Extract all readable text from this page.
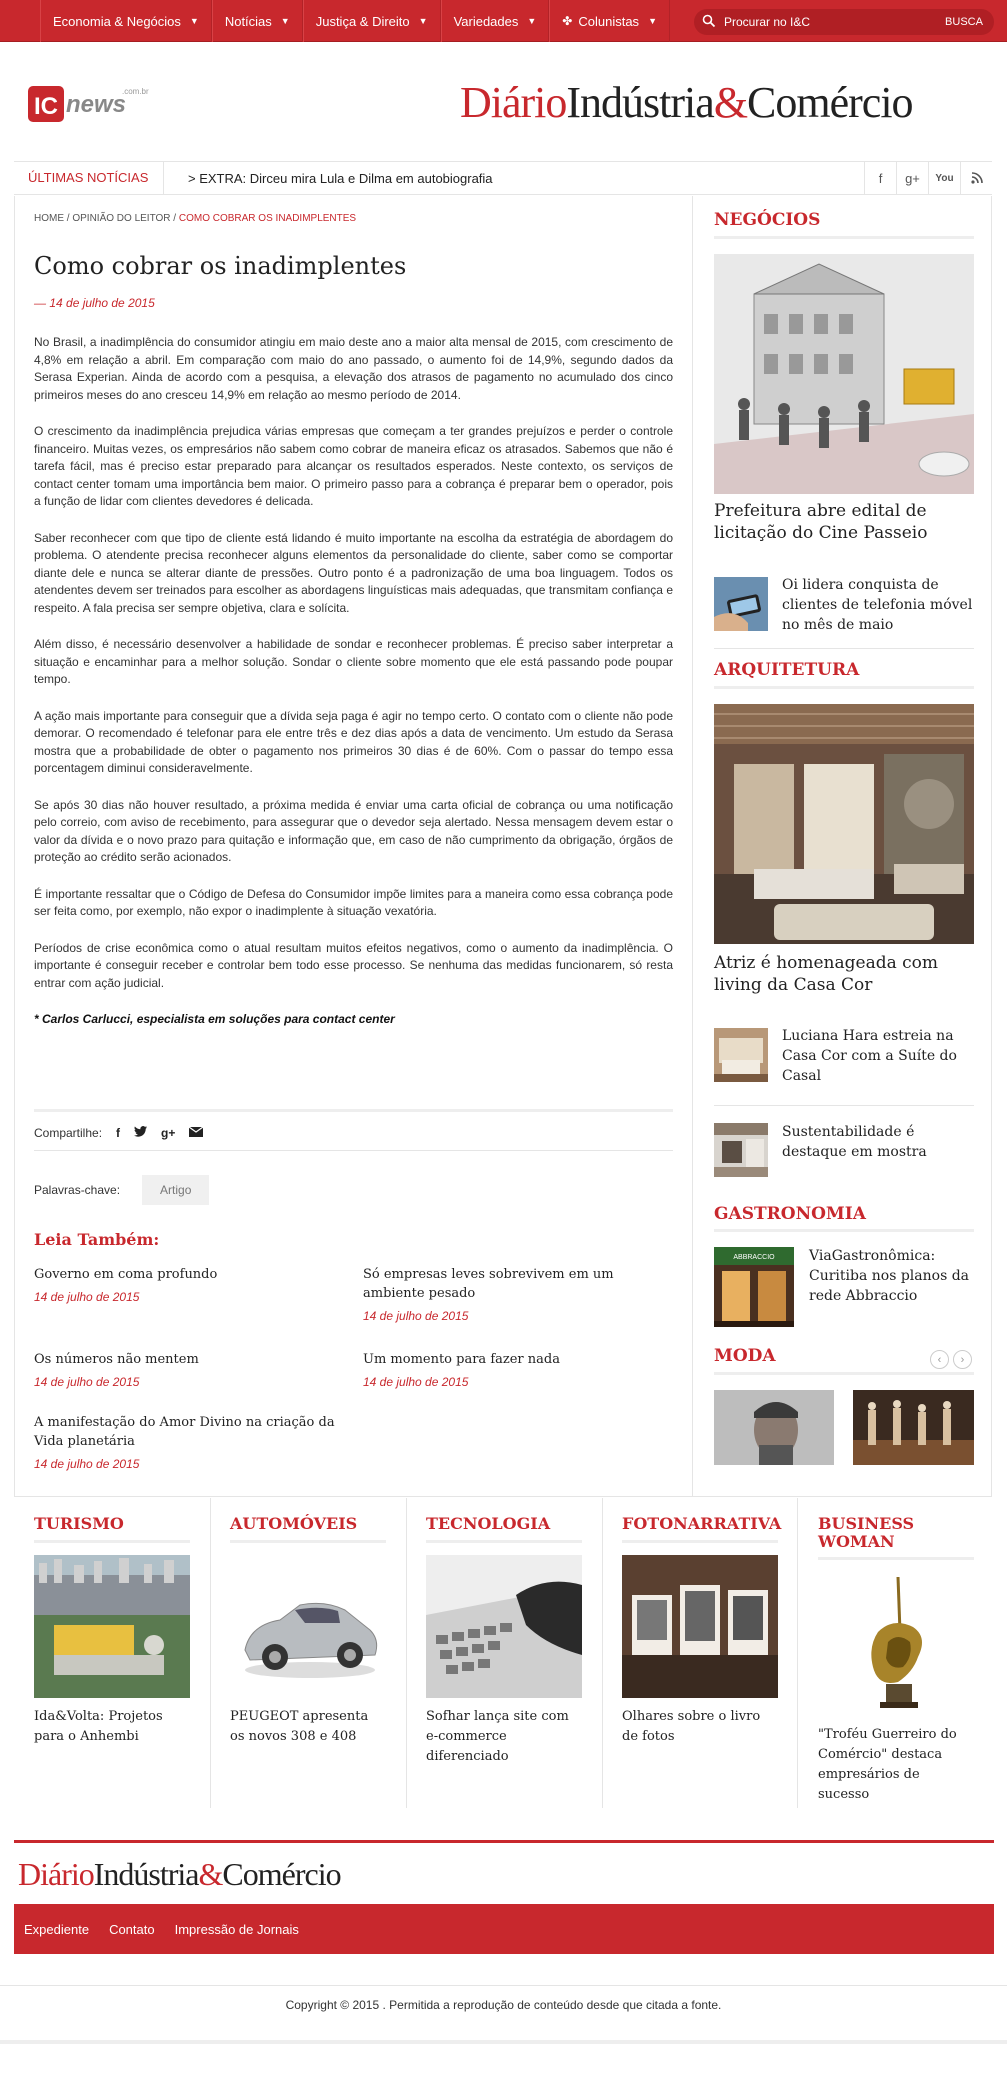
Economia & Negócios ▼ Notícias ▼ Justiça & Direito ▼ Variedades ▼ ✤ Colunistas ▼	Procurar no I&C	BUSCA
IC news
.com.br	DiárioIndústria&Comércio
ÚLTIMAS NOTÍCIAS	> EXTRA: Dirceu mira Lula e Dilma em autobiografia	f	g+	You
HOME / OPINIÃO DO LEITOR / COMO COBRAR OS INADIMPLENTES
Como cobrar os inadimplentes
— 14 de julho de 2015

No Brasil, a inadimplência do consumidor atingiu em maio deste ano a maior alta mensal de 2015, com crescimento de 4,8% em relação a abril. Em comparação com maio do ano passado, o aumento foi de 14,9%, segundo dados da Serasa Experian. Ainda de acordo com a pesquisa, a elevação dos atrasos de pagamento no acumulado dos cinco primeiros meses do ano cresceu 14,9% em relação ao mesmo período de 2014.

O crescimento da inadimplência prejudica várias empresas que começam a ter grandes prejuízos e perder o controle financeiro. Muitas vezes, os empresários não sabem como cobrar de maneira eficaz os atrasados. Sabemos que não é tarefa fácil, mas é preciso estar preparado para alcançar os resultados esperados. Neste contexto, os serviços de contact center tomam uma importância bem maior. O primeiro passo para a cobrança é preparar bem o operador, pois a função de lidar com clientes devedores é delicada.

Saber reconhecer com que tipo de cliente está lidando é muito importante na escolha da estratégia de abordagem do problema. O atendente precisa reconhecer alguns elementos da personalidade do cliente, saber como se comportar diante dele e nunca se alterar diante de pressões. Outro ponto é a padronização de uma boa linguagem. Todos os atendentes devem ser treinados para escolher as abordagens linguísticas mais adequadas, que transmitam confiança e respeito. A fala precisa ser sempre objetiva, clara e solícita.

Além disso, é necessário desenvolver a habilidade de sondar e reconhecer problemas. É preciso saber interpretar a situação e encaminhar para a melhor solução. Sondar o cliente sobre momento que ele está passando pode poupar tempo.

A ação mais importante para conseguir que a dívida seja paga é agir no tempo certo. O contato com o cliente não pode demorar. O recomendado é telefonar para ele entre três e dez dias após a data de vencimento. Um estudo da Serasa mostra que a probabilidade de obter o pagamento nos primeiros 30 dias é de 60%. Com o passar do tempo essa porcentagem diminui consideravelmente.

Se após 30 dias não houver resultado, a próxima medida é enviar uma carta oficial de cobrança ou uma notificação pelo correio, com aviso de recebimento, para assegurar que o devedor seja alertado. Nessa mensagem devem estar o valor da dívida e o novo prazo para quitação e informação que, em caso de não cumprimento da obrigação, órgãos de proteção ao crédito serão acionados.

É importante ressaltar que o Código de Defesa do Consumidor impõe limites para a maneira como essa cobrança pode ser feita como, por exemplo, não expor o inadimplente à situação vexatória.

Períodos de crise econômica como o atual resultam muitos efeitos negativos, como o aumento da inadimplência. O importante é conseguir receber e controlar bem todo esse processo. Se nenhuma das medidas funcionarem, só resta entrar com ação judicial.

* Carlos Carlucci, especialista em soluções para contact center

Compartilhe: f	g+
Palavras-chave:	Artigo
Leia Também:
Governo em coma profundo
14 de julho de 2015
Só empresas leves sobrevivem em um ambiente pesado
14 de julho de 2015
Os números não mentem
14 de julho de 2015
Um momento para fazer nada
14 de julho de 2015
A manifestação do Amor Divino na criação da Vida planetária
14 de julho de 2015
NEGÓCIOS
Prefeitura abre edital de licitação do Cine Passeio
Oi lidera conquista de clientes de telefonia móvel no mês de maio
ARQUITETURA
Atriz é homenageada com living da Casa Cor
Luciana Hara estreia na Casa Cor com a Suíte do Casal
Sustentabilidade é destaque em mostra
GASTRONOMIA
ABBRACCIO ViaGastronômica: Curitiba nos planos da rede Abbraccio
MODA	‹	›
TURISMO
Ida&Volta: Projetos para o Anhembi
AUTOMÓVEIS
PEUGEOT apresenta os novos 308 e 408
TECNOLOGIA
Sofhar lança site com e-commerce diferenciado
FOTONARRATIVA
Olhares sobre o livro de fotos
BUSINESS WOMAN
"Troféu Guerreiro do Comércio" destaca empresários de sucesso
DiárioIndústria&Comércio
Expediente Contato Impressão de Jornais
Copyright © 2015 . Permitida a reprodução de conteúdo desde que citada a fonte.
